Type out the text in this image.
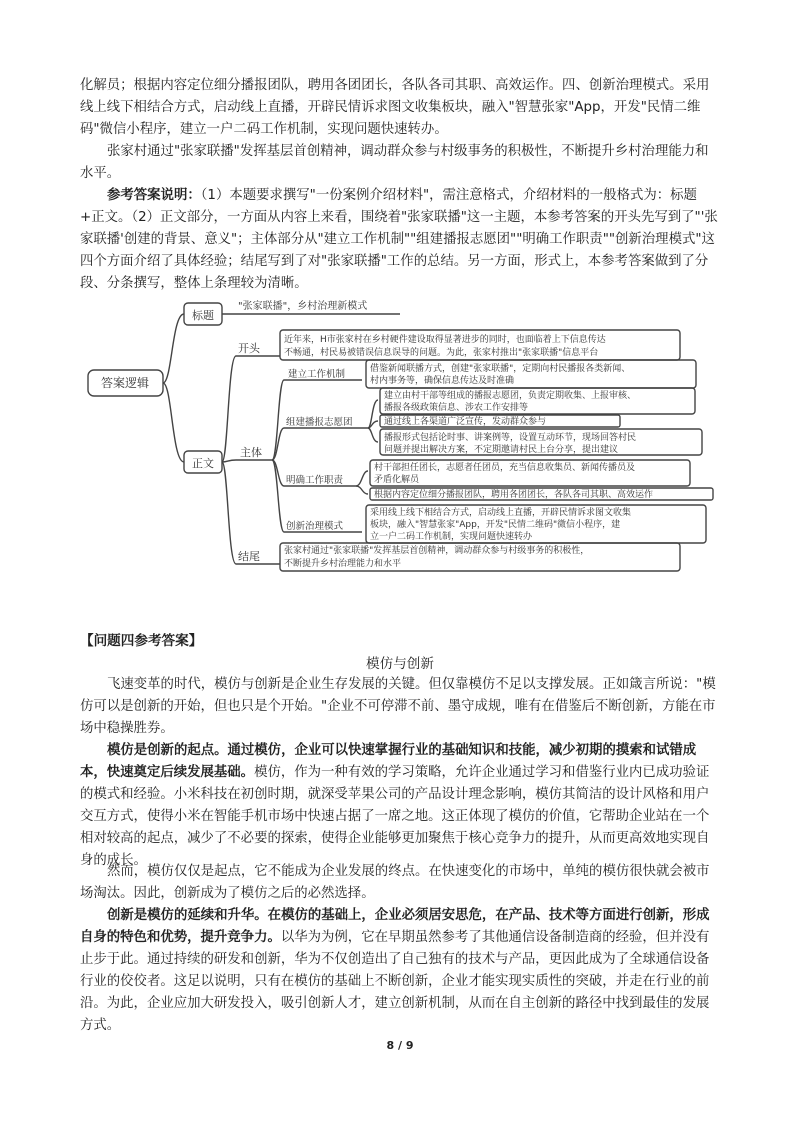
化解员；根据内容定位细分播报团队，聘用各团团长，各队各司其职、高效运作。四、创新治理模式。采用线上线下相结合方式，启动线上直播，开辟民情诉求图文收集板块，融入"智慧张家"App，开发"民情二维码"微信小程序，建立一户二码工作机制，实现问题快速转办。

张家村通过"张家联播"发挥基层首创精神，调动群众参与村级事务的积极性，不断提升乡村治理能力和水平。

参考答案说明：（1）本题要求撰写"一份案例介绍材料"，需注意格式，介绍材料的一般格式为：标题+正文。（2）正文部分，一方面从内容上来看，围绕着"张家联播"这一主题，本参考答案的开头先写到了"'张家联播'创建的背景、意义"；主体部分从"建立工作机制""组建播报志愿团""明确工作职责""创新治理模式"这四个方面介绍了具体经验；结尾写到了对"张家联播"工作的总结。另一方面，形式上，本参考答案做到了分段、分条撰写，整体上条理较为清晰。

答案逻辑
标题
"张家联播"，乡村治理新模式
正文
开头
近年来，H市张家村在乡村硬件建设取得显著进步的同时，也面临着上下信息传达
不畅通，村民易被错误信息误导的问题。为此，张家村推出"张家联播"信息平台
主体
建立工作机制	借鉴新闻联播方式，创建"张家联播"，定期向村民播报各类新闻、
村内事务等，确保信息传达及时准确
组建播报志愿团
建立由村干部等组成的播报志愿团，负责定期收集、上报审核、
播报各级政策信息、涉农工作安排等
通过线上各渠道广泛宣传，发动群众参与
播报形式包括论时事、讲案例等，设置互动环节，现场回答村民
问题并提出解决方案，不定期邀请村民上台分享，提出建议
明确工作职责
村干部担任团长，志愿者任团员，充当信息收集员、新闻传播员及
矛盾化解员
根据内容定位细分播报团队，聘用各团团长，各队各司其职、高效运作
创新治理模式
采用线上线下相结合方式，启动线上直播，开辟民情诉求图文收集
板块，融入"智慧张家"App，开发"民情二维码"微信小程序，建
立一户二码工作机制，实现问题快速转办
结尾	张家村通过"张家联播"发挥基层首创精神，调动群众参与村级事务的积极性，
不断提升乡村治理能力和水平
【问题四参考答案】
模仿与创新

飞速变革的时代，模仿与创新是企业生存发展的关键。但仅靠模仿不足以支撑发展。正如箴言所说："模仿可以是创新的开始，但也只是个开始。"企业不可停滞不前、墨守成规，唯有在借鉴后不断创新，方能在市场中稳操胜券。

模仿是创新的起点。通过模仿，企业可以快速掌握行业的基础知识和技能，减少初期的摸索和试错成本，快速奠定后续发展基础。模仿，作为一种有效的学习策略，允许企业通过学习和借鉴行业内已成功验证的模式和经验。小米科技在初创时期，就深受苹果公司的产品设计理念影响，模仿其简洁的设计风格和用户交互方式，使得小米在智能手机市场中快速占据了一席之地。这正体现了模仿的价值，它帮助企业站在一个相对较高的起点，减少了不必要的探索，使得企业能够更加聚焦于核心竞争力的提升，从而更高效地实现自身的成长。

然而，模仿仅仅是起点，它不能成为企业发展的终点。在快速变化的市场中，单纯的模仿很快就会被市场淘汰。因此，创新成为了模仿之后的必然选择。

创新是模仿的延续和升华。在模仿的基础上，企业必须居安思危，在产品、技术等方面进行创新，形成自身的特色和优势，提升竞争力。以华为为例，它在早期虽然参考了其他通信设备制造商的经验，但并没有止步于此。通过持续的研发和创新，华为不仅创造出了自己独有的技术与产品，更因此成为了全球通信设备行业的佼佼者。这足以说明，只有在模仿的基础上不断创新，企业才能实现实质性的突破，并走在行业的前沿。为此，企业应加大研发投入，吸引创新人才，建立创新机制，从而在自主创新的路径中找到最佳的发展方式。

8 / 9
